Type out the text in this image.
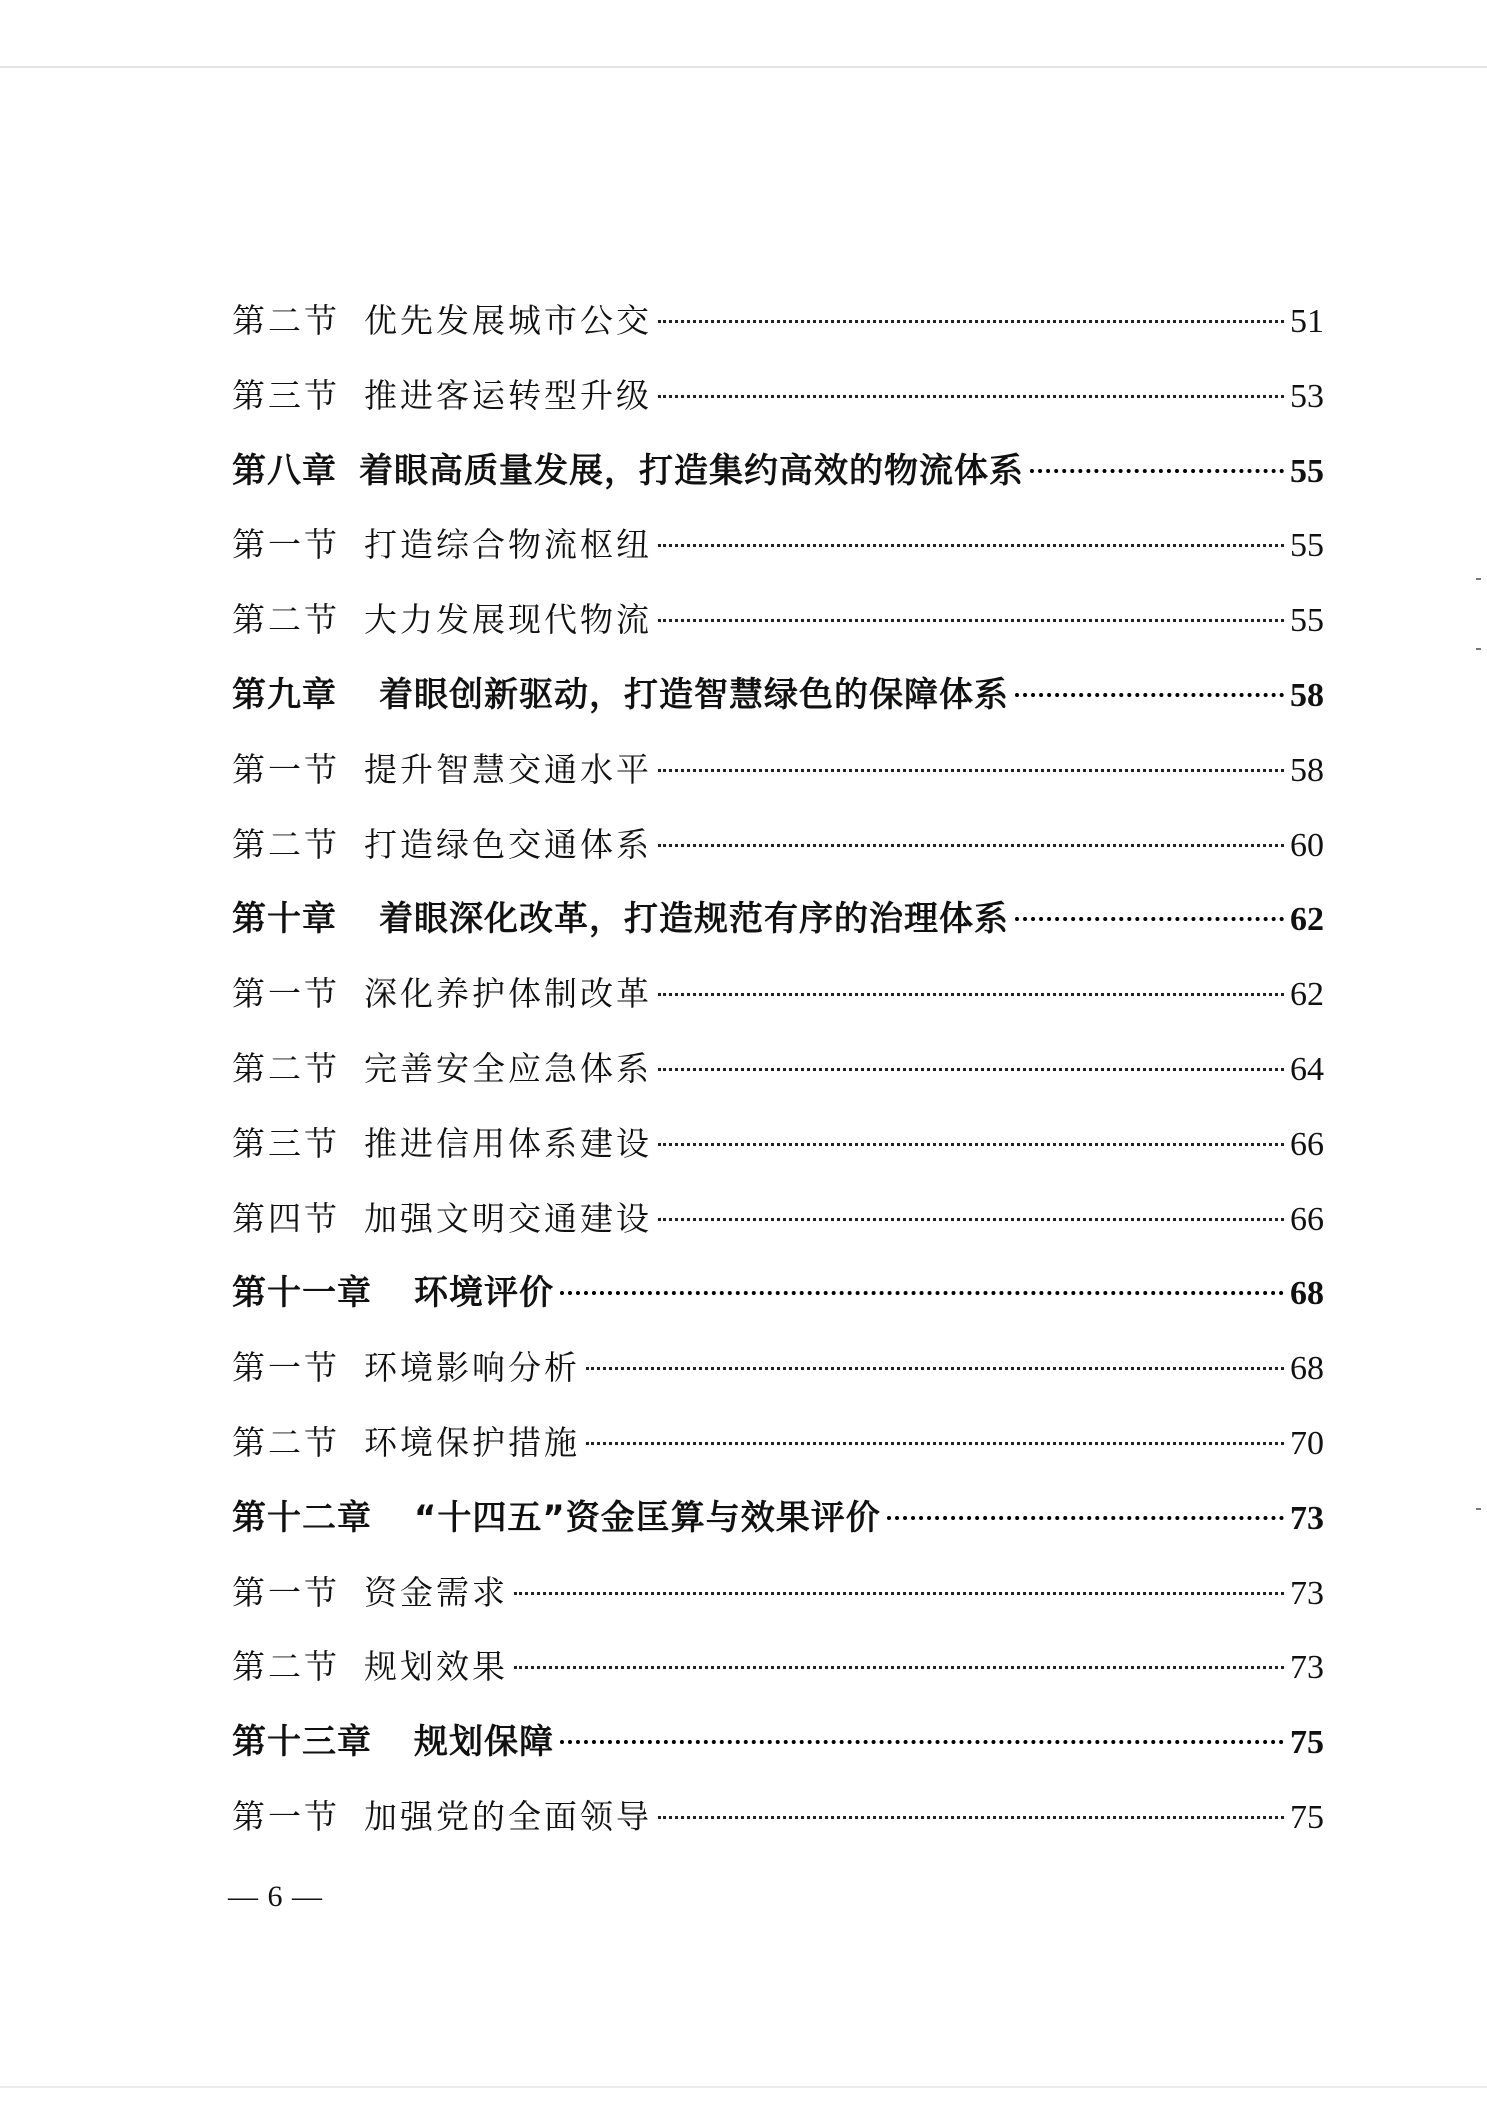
第二节 优先发展城市公交	51
第三节 推进客运转型升级	53
第八章 着眼高质量发展，打造集约高效的物流体系	55
第一节 打造综合物流枢纽	55
第二节 大力发展现代物流	55
第九章 着眼创新驱动，打造智慧绿色的保障体系	58
第一节 提升智慧交通水平	58
第二节 打造绿色交通体系	60
第十章 着眼深化改革，打造规范有序的治理体系	62
第一节 深化养护体制改革	62
第二节 完善安全应急体系	64
第三节 推进信用体系建设	66
第四节 加强文明交通建设	66
第十一章 环境评价	68
第一节 环境影响分析	68
第二节 环境保护措施	70
第十二章 “十四五”资金匡算与效果评价	73
第一节 资金需求	73
第二节 规划效果	73
第十三章 规划保障	75
第一节 加强党的全面领导	75
— 6 —
